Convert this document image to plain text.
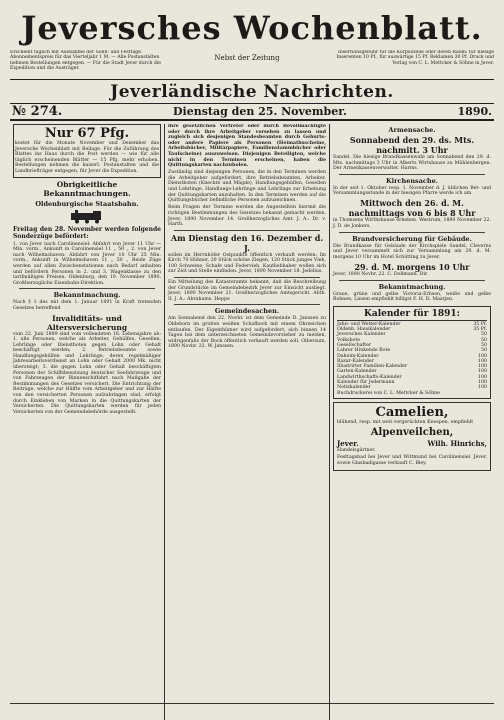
Jeversches Wochenblatt.
Erscheint täglich mit Ausnahme der Sonn- und Festtage. Abonnementspreis für das Vierteljahr 1 M. — Alle Postanstalten nehmen Bestellungen entgegen. — Für die Stadt Jever durch die Expedition und die Austräger.
Nebst der Zeitung
Insertionsgebühr für die Korpuszeile oder deren Raum: für hiesige Inserenten 10 Pf., für auswärtige 15 Pf. Reklamen 30 Pf. Druck und Verlag von C. L. Mettcker & Söhne in Jever.
Jeverländische Nachrichten.
№ 274.	Dienstag den 25. November.	1890.
Nur 67 Pfg.

kostet für die Monate November und Dezember das Jeversche Wochenblatt mit Beilage. Für die Zuführung des Blattes ins Haus durch die Post werden — wie für alle täglich erscheinenden Blätter — 15 Pfg. mehr erhoben. Bestellungen nehmen die kaiserl. Postanstalten und die Landbriefträger entgegen, für Jever die Expedition.

Obrigkeitliche Bekanntmachungen.
Oldenburgische Staatsbahn.

Freitag den 28. November werden folgende Sonderzüge befördert:

1. von Jever nach Carolinensiel: Abfahrt von Jever 11 Uhr — Min. vorm., Ankunft in Carolinensiel 11 „ 50 „ 2. von Jever nach Wilhelmshaven: Abfahrt von Jever 10 Uhr 25 Min. vorm., Ankunft in Wilhelmshaven 11 „ 50 „ Beide Züge werden auf allen Zwischenstationen nach Bedarf anhalten und befördern Personen in 2. und 3. Wagenklasse zu den tarifmäßigen Preisen. Oldenburg, den 19. November 1890. Großherzogliche Eisenbahn-Direktion.

Bekanntmachung.

Nach § 1 des mit dem 1. Januar 1891 in Kraft tretenden Gesetzes betreffend

Invaliditäts- und Altersversicherung

vom 22. Juni 1889 sind vom vollendeten 16. Lebensjahre ab: 1. alle Personen, welche als Arbeiter, Gehülfen, Gesellen, Lehrlinge oder Dienstboten gegen Lohn oder Gehalt beschäftigt werden; 2. Betriebsbeamte sowie Handlungsgehülfen und Lehrlinge, deren regelmäßiger Jahresarbeitsverdienst an Lohn oder Gehalt 2000 Mk. nicht übersteigt; 3. die gegen Lohn oder Gehalt beschäftigten Personen der Schiffsbesatzung deutscher Seefahrzeuge und von Fahrzeugen der Binnenschiffahrt nach Maßgabe der Bestimmungen des Gesetzes versichert. Die Entrichtung der Beiträge, welche zur Hälfte vom Arbeitgeber und zur Hälfte von den versicherten Personen aufzubringen sind, erfolgt durch Einkleben von Marken in die Quittungskarten der Versicherten. Die Quittungskarten werden für jeden Versicherten von der Gemeindebehörde ausgestellt.

ihre gesetzlichen Vertreter oder durch Bevollmächtigte oder durch ihre Arbeitgeber vorsehen zu lassen und zugleich sich desjenigen Standesbeamten durch Geburts- oder andere Papiere als Personen (Heimathsscheine, Arbeitsbücher, Militärpapiere, Familienstammbücher oder Taufscheine) auszuweisen. Diejenigen Beteiligten, welche nicht in den Terminen erscheinen, haben die Quittungskarten nachzuholen.

Zuständig sind diejenigen Personen, die in den Terminen werden die Arbeitgeber aufgefordert, ihre Betriebsbeamten, Arbeiter, Dienstboten (Knechte und Mägde), Handlungsgehülfen, Gesellen und Lehrlinge, Handlungs-Lehrlinge und Lehrlinge zur Erhebung der Quittungskarten anzuhalten. In den Terminen werden auf die Quittungsbücher befindliche Personen aufzuzeichnen.

Beim Fragen der Termine werden die Angestellten hiermit die richtigen Bestimmungen des Gesetzes bekannt gemacht werden. Jever, 1890 November 14. Großherzogliches Amt. J. A.: Dr. v. Harth.

Am Dienstag den 16. Dezember d. J.

sollen im Herrnhöfer Ostpunkte öffentlich verkauft werden: Im Kirch 70 Hühner, 20 Stück schöne Ziegen, 120 Stück junges Vieh, 100 Schweine, Schafe und Federvieh. Kaufliebhaber wollen sich zur Zeit und Stelle einfinden. Jever, 1890 November 18. Jedelius.

Ein Mitteilung des Katasteramts bekannt, daß die Beschreibung der Grundstücke im Gemeindebezirk Jever zur Einsicht ausliegt. Jever, 1890 November 21. Großherzogliches Amtsgericht. Abth. II. J. A.: Abrahams. Heppe

Gemeindesachen.

Am Sonnabend den 22. Novbr. ist dem Gemeinde D. Janssen zu Oldeborn im großen weißen Schafbock mit einem Ohrzeichen entlaufen. Der Eigenthümer wird aufgefordert, sich binnen 14 Tagen bei dem unterzeichneten Gemeindevorsteher zu melden, widrigenfalls der Bock öffentlich verkauft werden soll. Olbersum, 1890 Novbr. 22. W. Janssen.

Armensache.
Sonnabend den 29. ds. Mts. nachmitt. 3 Uhr

Sandel. Die hiesige Brandkassenwahl am Sonnabend den 29. d. Mts. nachmittags 3 Uhr in Alberts Wirtshause zu Mühlenbergen. Der Armenkassenverwalter. Harms.

Kirchensache.

In der seit 1. Oktober resp. 1. November d. J. üblichen Bet- und Versammlungsstunde in der hiesigen Pfarre werde ich am

Mittwoch den 26. d. M. nachmittags von 6 bis 8 Uhr

in Thomsens Wirthshause erheben. Westrum, 1890 November 22. J. D. de Jonkers.

Brandversicherung für Gebäude.

Die Brandkasse für Gebäude der Kirchspiele Sandel, Cleverns und Jever versammelt sich zur Versammlung am 29. d. M. morgens 10 Uhr im Hotel Schütting zu Jever.

29. d. M. morgens 10 Uhr

Jever, 1890 Novbr. 22. C. Dollmann, Dir.

Bekanntmachung.

Graue, grüne und gelbe Victoria-Erbsen, weiße und gelbe Bohnen, Linsen empfiehlt billigst F. H. D. Maatjen.

Kalender für 1891:
Jahn- und Wetter-Kalender	35 Pf.
Oldenb. Hauskalender	35 Pf.
Jeversches Kalender	50
Volksbote	50
Gesellschafter	50
Lahrer Hinkende Bote	50
Daheim-Kalender	100
Bazar-Kalender	100
Illustrirter Familien-Kalender	100
Garten-Kalender	100
Landwirthschafts-Kalender	100
Kalender für Jedermann	100
Notizkalender	100
Buchdruckerei von C. L. Mettcker & Söhne
Camelien,

blühend, resp. mit weit vorgerückten Knospen, empfiehlt

Alpenveilchen,
Jever.	Wilh. Hinrichs,

Handelsgärtner.

Festtagsbad bei Jever und Wittmund bei Carolinensiel. Jever, sowie Glasbadigasse verkauft C. Bley.
